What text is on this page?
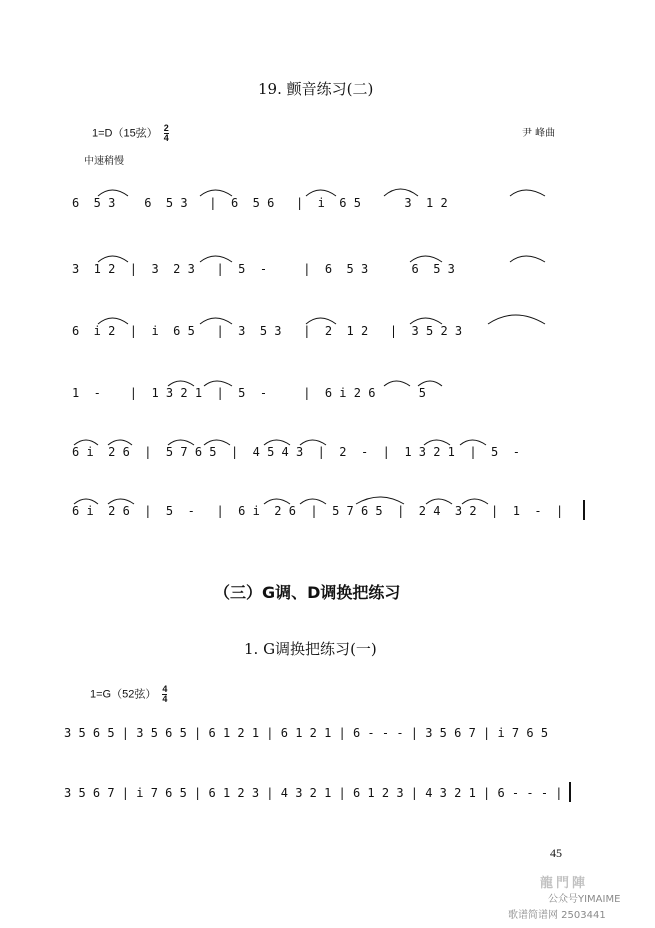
19. 颤音练习(二)
1=D（15弦） $\frac{2}{4}$	尹 峰曲
中速稍慢
6  5 3    6  5 3   |  6  5 6   |  i  6 5      3  1 2
3  1 2  |  3  2 3   |  5  -     |  6  5 3      6  5 3
6  i 2  |  i  6 5   |  3  5 3   |  2  1 2   |  3 5 2 3
1  -    |  1 3 2 1  |  5  -     |  6 i 2 6      5
6 i  2 6  |  5 7 6 5  |  4 5 4 3  |  2  -  |  1 3 2 1  |  5  -
6 i  2 6  |  5  -   |  6 i  2 6  |  5 7 6 5  |  2 4  3 2  |  1  -  |
（三）G调、D调换把练习
1. G调换把练习(一)
1=G（52弦） $\frac{4}{4}$
3 5 6 5 | 3 5 6 5 | 6 1 2 1 | 6 1 2 1 | 6 - - - | 3 5 6 7 | i 7 6 5
3 5 6 7 | i 7 6 5 | 6 1 2 3 | 4 3 2 1 | 6 1 2 3 | 4 3 2 1 | 6 - - - |
45
龍門陣
公众号YIMAIME
歌谱简谱网 2503441
